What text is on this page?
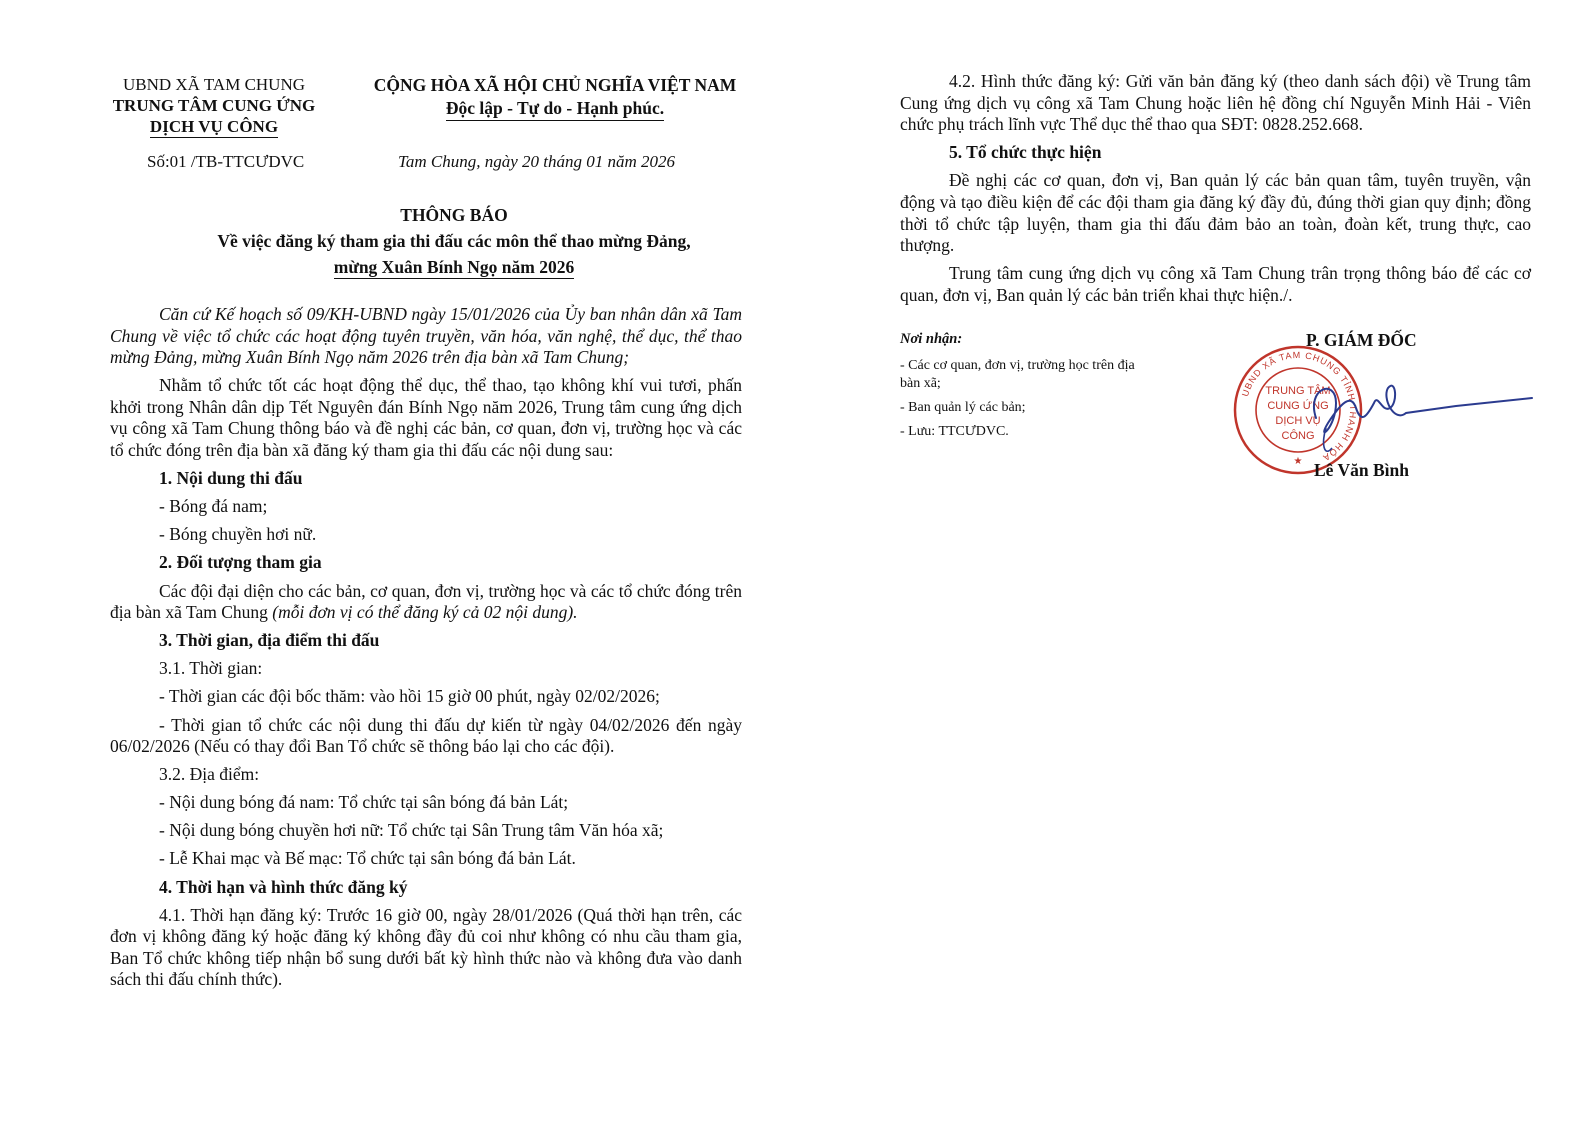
UBND XÃ TAM CHUNG
TRUNG TÂM CUNG ỨNG
DỊCH VỤ CÔNG
CỘNG HÒA XÃ HỘI CHỦ NGHĨA VIỆT NAM
Độc lập - Tự do - Hạnh phúc.
Số:01 /TB-TTCƯDVC	Tam Chung, ngày 20 tháng 01 năm 2026
THÔNG BÁO
Về việc đăng ký tham gia thi đấu các môn thể thao mừng Đảng,
mừng Xuân Bính Ngọ năm 2026

Căn cứ Kế hoạch số 09/KH-UBND ngày 15/01/2026 của Ủy ban nhân dân xã Tam Chung về việc tổ chức các hoạt động tuyên truyền, văn hóa, văn nghệ, thể dục, thể thao mừng Đảng, mừng Xuân Bính Ngọ năm 2026 trên địa bàn xã Tam Chung;

Nhằm tổ chức tốt các hoạt động thể dục, thể thao, tạo không khí vui tươi, phấn khởi trong Nhân dân dịp Tết Nguyên đán Bính Ngọ năm 2026, Trung tâm cung ứng dịch vụ công xã Tam Chung thông báo và đề nghị các bản, cơ quan, đơn vị, trường học và các tổ chức đóng trên địa bàn xã đăng ký tham gia thi đấu các nội dung sau:

1. Nội dung thi đấu

- Bóng đá nam;

- Bóng chuyền hơi nữ.

2. Đối tượng tham gia

Các đội đại diện cho các bản, cơ quan, đơn vị, trường học và các tổ chức đóng trên địa bàn xã Tam Chung (mỗi đơn vị có thể đăng ký cả 02 nội dung).

3. Thời gian, địa điểm thi đấu

3.1. Thời gian:

- Thời gian các đội bốc thăm: vào hồi 15 giờ 00 phút, ngày 02/02/2026;

- Thời gian tổ chức các nội dung thi đấu dự kiến từ ngày 04/02/2026 đến ngày 06/02/2026 (Nếu có thay đổi Ban Tổ chức sẽ thông báo lại cho các đội).

3.2. Địa điểm:

- Nội dung bóng đá nam: Tổ chức tại sân bóng đá bản Lát;

- Nội dung bóng chuyền hơi nữ: Tổ chức tại Sân Trung tâm Văn hóa xã;

- Lễ Khai mạc và Bế mạc: Tổ chức tại sân bóng đá bản Lát.

4. Thời hạn và hình thức đăng ký

4.1. Thời hạn đăng ký: Trước 16 giờ 00, ngày 28/01/2026 (Quá thời hạn trên, các đơn vị không đăng ký hoặc đăng ký không đầy đủ coi như không có nhu cầu tham gia, Ban Tổ chức không tiếp nhận bổ sung dưới bất kỳ hình thức nào và không đưa vào danh sách thi đấu chính thức).

4.2. Hình thức đăng ký: Gửi văn bản đăng ký (theo danh sách đội) về Trung tâm Cung ứng dịch vụ công xã Tam Chung hoặc liên hệ đồng chí Nguyễn Minh Hải - Viên chức phụ trách lĩnh vực Thể dục thể thao qua SĐT: 0828.252.668.

5. Tổ chức thực hiện

Đề nghị các cơ quan, đơn vị, Ban quản lý các bản quan tâm, tuyên truyền, vận động và tạo điều kiện để các đội tham gia đăng ký đầy đủ, đúng thời gian quy định; đồng thời tổ chức tập luyện, tham gia thi đấu đảm bảo an toàn, đoàn kết, trung thực, cao thượng.

Trung tâm cung ứng dịch vụ công xã Tam Chung trân trọng thông báo để các cơ quan, đơn vị, Ban quản lý các bản triển khai thực hiện./.

Nơi nhận:

- Các cơ quan, đơn vị, trường học trên địa bàn xã;

- Ban quản lý các bản;

- Lưu: TTCƯDVC.

P. GIÁM ĐỐC
UBND XÃ TAM CHUNG TỈNH THANH HÓA
TRUNG TÂM
CUNG ỨNG
DỊCH VỤ
CÔNG
★ Lê Văn Bình
